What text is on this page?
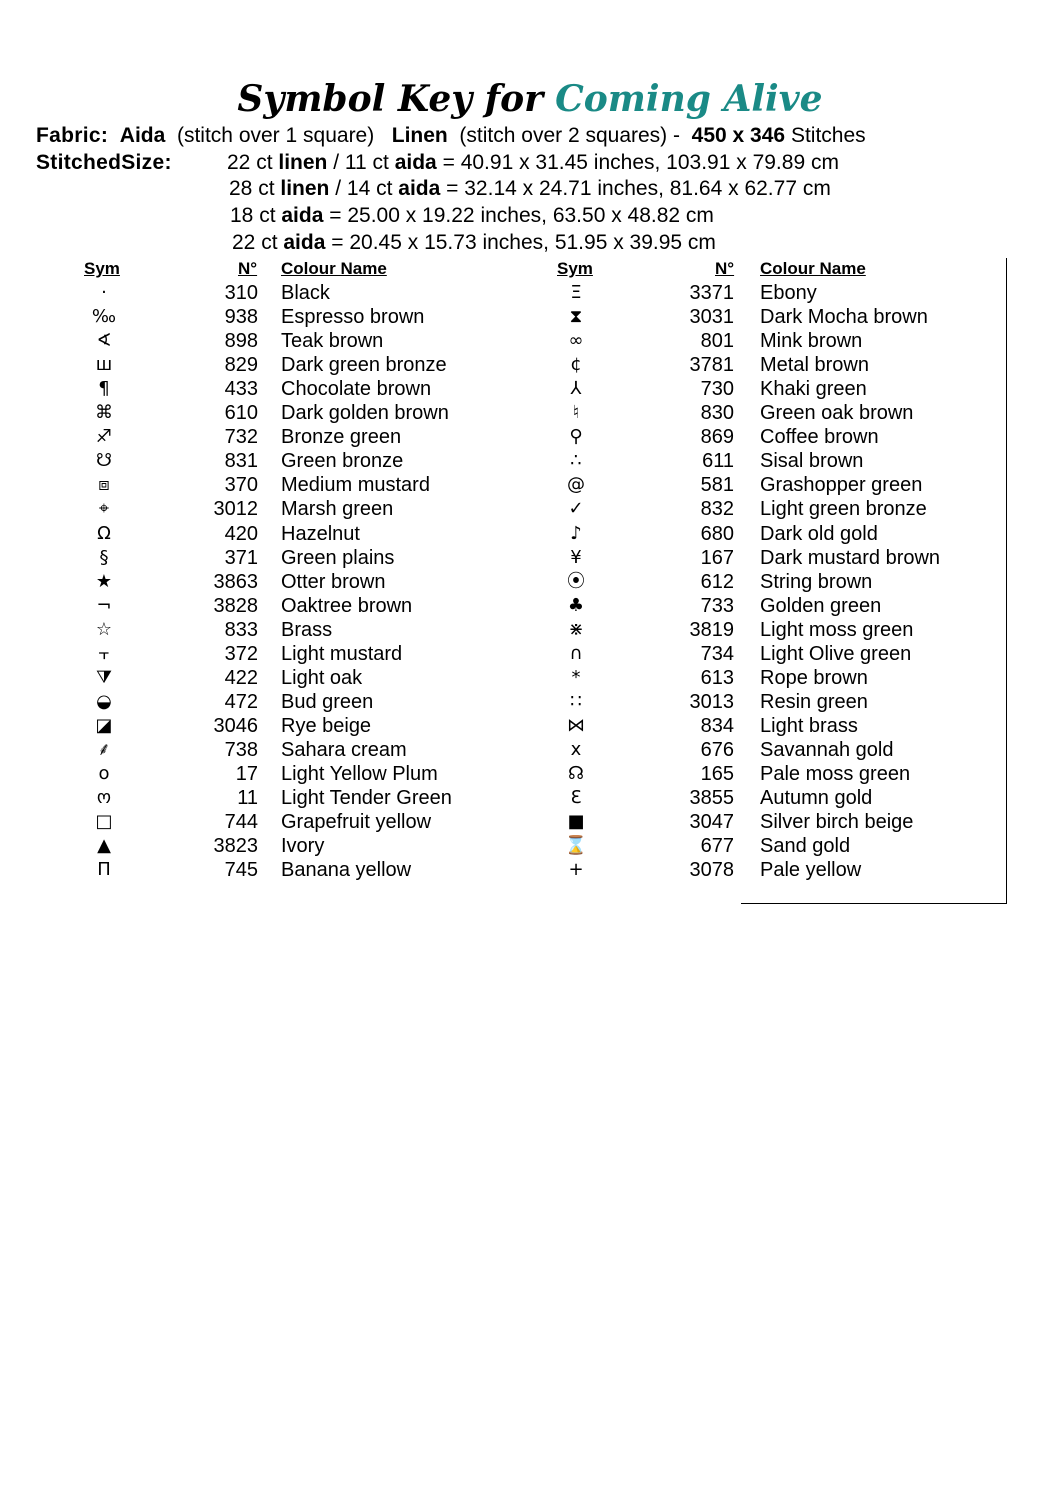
Symbol Key for Coming Alive
Fabric: Aida (stitch over 1 square) Linen (stitch over 2 squares) - 450 x 346 Stitches
StitchedSize:	22 ct linen / 11 ct aida = 40.91 x 31.45 inches, 103.91 x 79.89 cm
28 ct linen / 14 ct aida = 32.14 x 24.71 inches, 81.64 x 62.77 cm
18 ct aida = 25.00 x 19.22 inches, 63.50 x 48.82 cm
22 ct aida = 20.45 x 15.73 inches, 51.95 x 39.95 cm
Sym	N° Colour Name	Sym	N° Colour Name
·	310 Black	Ξ	3371 Ebony
‰	938 Espresso brown	⧗	3031 Dark Mocha brown
∢	898 Teak brown	∞	801 Mink brown
ш	829 Dark green bronze	¢	3781 Metal brown
¶	433 Chocolate brown	⅄	730 Khaki green
⌘	610 Dark golden brown	♮	830 Green oak brown
♐	732 Bronze green	⚲	869 Coffee brown
☋	831 Green bronze	∴	611 Sisal brown
⧈	370 Medium mustard	@	581 Grashopper green
⌖	3012 Marsh green	✓	832 Light green bronze
Ω	420 Hazelnut	♪	680 Dark old gold
§	371 Green plains	¥	167 Dark mustard brown
★	3863 Otter brown	⦿	612 String brown
¬	3828 Oaktree brown	♣	733 Golden green
☆	833 Brass	⋇	3819 Light moss green
⫟	372 Light mustard	∩	734 Light Olive green
⧩	422 Light oak	*	613 Rope brown
◒	472 Bud green	∷	3013 Resin green
◪	3046 Rye beige	⋈	834 Light brass
⸙	738 Sahara cream	x	676 Savannah gold
o	17 Light Yellow Plum	☊	165 Pale moss green
ო	11 Light Tender Green	Ɛ	3855 Autumn gold
□	744 Grapefruit yellow	■	3047 Silver birch beige
▲	3823 Ivory	⌛	677 Sand gold
Π	745 Banana yellow	+	3078 Pale yellow
